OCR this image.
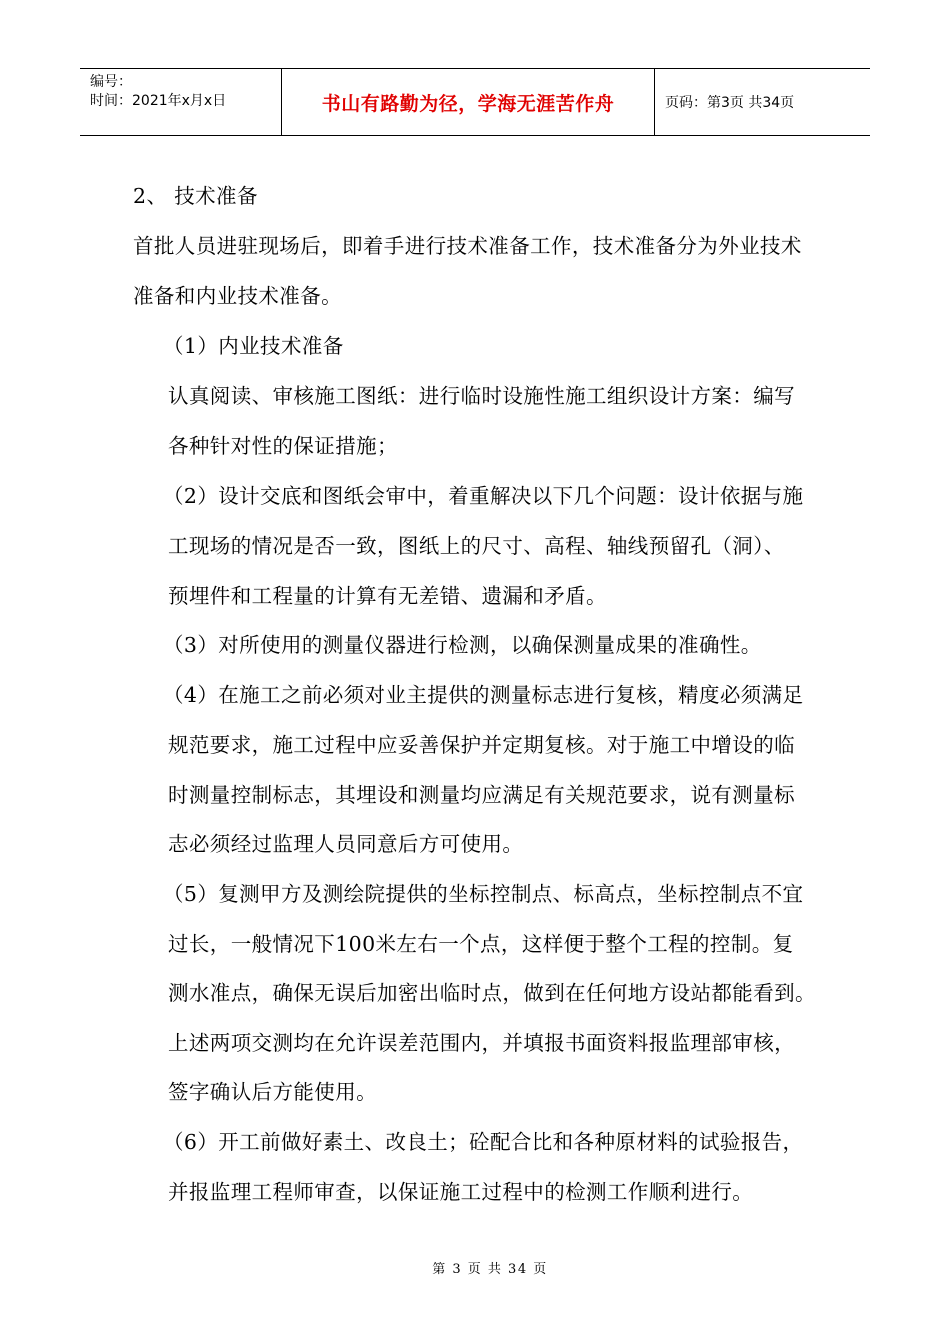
编号：
时间：2021年x月x日	书山有路勤为径，学海无涯苦作舟	页码：第3页 共34页
2、 技术准备
首批人员进驻现场后，即着手进行技术准备工作，技术准备分为外业技术
准备和内业技术准备。
（1）内业技术准备
认真阅读、审核施工图纸：进行临时设施性施工组织设计方案：编写
各种针对性的保证措施；
（2）设计交底和图纸会审中，着重解决以下几个问题：设计依据与施
工现场的情况是否一致，图纸上的尺寸、高程、轴线预留孔（洞）、
预埋件和工程量的计算有无差错、遗漏和矛盾。
（3）对所使用的测量仪器进行检测，以确保测量成果的准确性。
（4）在施工之前必须对业主提供的测量标志进行复核，精度必须满足
规范要求，施工过程中应妥善保护并定期复核。对于施工中增设的临
时测量控制标志，其埋设和测量均应满足有关规范要求，说有测量标
志必须经过监理人员同意后方可使用。
（5）复测甲方及测绘院提供的坐标控制点、标高点，坐标控制点不宜
过长，一般情况下100米左右一个点，这样便于整个工程的控制。复
测水准点，确保无误后加密出临时点，做到在任何地方设站都能看到。
上述两项交测均在允许误差范围内，并填报书面资料报监理部审核，
签字确认后方能使用。
（6）开工前做好素土、改良土；砼配合比和各种原材料的试验报告，
并报监理工程师审查，以保证施工过程中的检测工作顺利进行。
第 3 页 共 34 页
